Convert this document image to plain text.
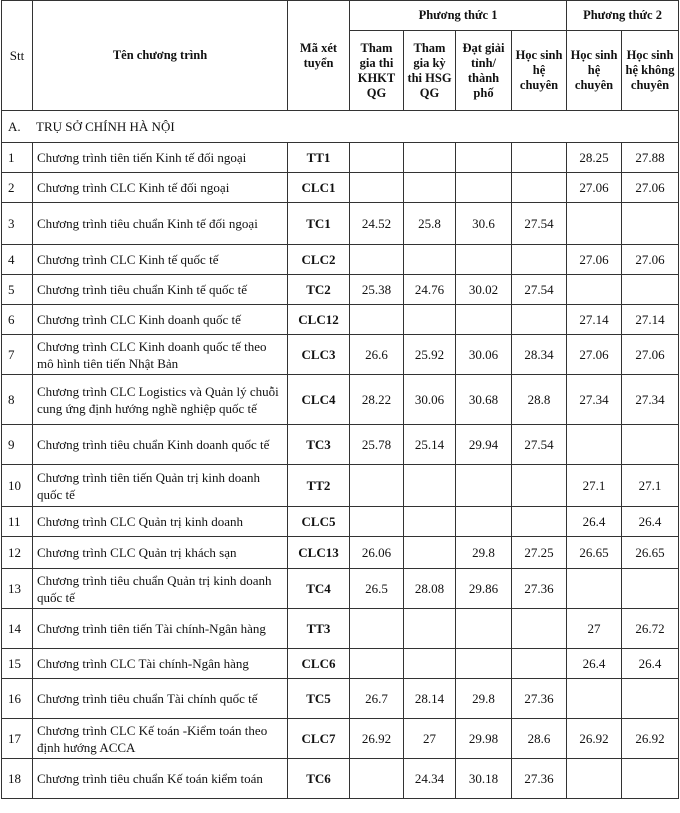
Stt	Tên chương trình	Mã xét tuyển	Phương thức 1				Phương thức 2	
			Tham gia thi KHKT QG	Tham gia kỳ thi HSG QG	Đạt giải tỉnh/ thành phố	Học sinh hệ chuyên	Học sinh hệ chuyên	Học sinh hệ không chuyên
A. TRỤ SỞ CHÍNH HÀ NỘI								
1	Chương trình tiên tiến Kinh tế đối ngoại	TT1					28.25	27.88
2	Chương trình CLC Kinh tế đối ngoại	CLC1					27.06	27.06
3	Chương trình tiêu chuẩn Kinh tế đối ngoại	TC1	24.52	25.8	30.6	27.54		
4	Chương trình CLC Kinh tế quốc tế	CLC2					27.06	27.06
5	Chương trình tiêu chuẩn Kinh tế quốc tế	TC2	25.38	24.76	30.02	27.54		
6	Chương trình CLC Kinh doanh quốc tế	CLC12					27.14	27.14
7	Chương trình CLC Kinh doanh quốc tế theo mô hình tiên tiến Nhật Bản	CLC3	26.6	25.92	30.06	28.34	27.06	27.06
8	Chương trình CLC Logistics và Quản lý chuỗi cung ứng định hướng nghề nghiệp quốc tế	CLC4	28.22	30.06	30.68	28.8	27.34	27.34
9	Chương trình tiêu chuẩn Kinh doanh quốc tế	TC3	25.78	25.14	29.94	27.54		
10	Chương trình tiên tiến Quản trị kinh doanh quốc tế	TT2					27.1	27.1
11	Chương trình CLC Quản trị kinh doanh	CLC5					26.4	26.4
12	Chương trình CLC Quản trị khách sạn	CLC13	26.06		29.8	27.25	26.65	26.65
13	Chương trình tiêu chuẩn Quản trị kinh doanh quốc tế	TC4	26.5	28.08	29.86	27.36		
14	Chương trình tiên tiến Tài chính-Ngân hàng	TT3					27	26.72
15	Chương trình CLC Tài chính-Ngân hàng	CLC6					26.4	26.4
16	Chương trình tiêu chuẩn Tài chính quốc tế	TC5	26.7	28.14	29.8	27.36		
17	Chương trình CLC Kế toán -Kiểm toán theo định hướng ACCA	CLC7	26.92	27	29.98	28.6	26.92	26.92
18	Chương trình tiêu chuẩn Kế toán kiểm toán	TC6		24.34	30.18	27.36		
